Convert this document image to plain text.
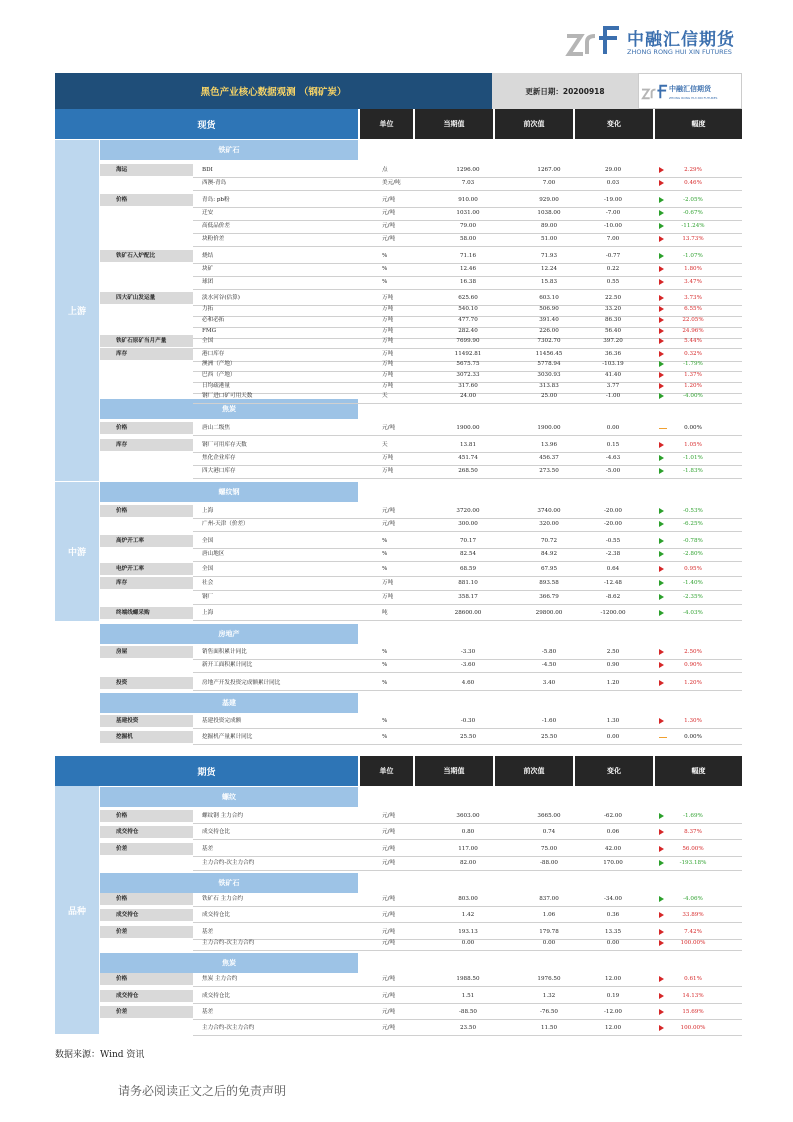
中融汇信期货
ZHONG RONG HUI XIN FUTURES
黑色产业核心数据观测 （钢矿炭）	更新日期：20200918	中融汇信期货
ZHONG RONG HUI XIN FUTURES
现货	单位	当期值	前次值	变化	幅度
期货	单位	当期值	前次值	变化	幅度
上游
中游
品种
铁矿石
焦炭
螺纹钢
房地产
基建
螺纹
铁矿石
焦炭
海运	BDI	点	1296.00	1267.00	29.00	2.29%
西澳-青岛	美元/吨	7.03	7.00	0.03	0.46%
价格	青岛: pb粉	元/吨	910.00	929.00	-19.00	-2.05%
迁安	元/吨	1031.00	1038.00	-7.00	-0.67%
高低品价差	元/吨	79.00	89.00	-10.00	-11.24%
块粉价差	元/吨	58.00	51.00	7.00	13.73%
铁矿石入炉配比	烧结	%	71.16	71.93	-0.77	-1.07%
块矿	%	12.46	12.24	0.22	1.80%
球团	%	16.38	15.83	0.55	3.47%
四大矿山发运量	淡水河谷(估算)	万吨	625.60	603.10	22.50	3.73%
力拓	万吨	540.10	506.90	33.20	6.55%
必和必拓	万吨	477.70	391.40	86.30	22.05%
FMG	万吨	282.40	226.00	56.40	24.96%
铁矿石原矿当月产量	全国	万吨	7699.90	7302.70	397.20	5.44%
库存	港口库存	万吨	11492.81	11456.45	36.36	0.32%
澳洲（产地）	万吨	5675.75	5778.94	-103.19	-1.79%
巴西（产地）	万吨	3072.33	3030.93	41.40	1.37%
日均疏港量	万吨	317.60	313.83	3.77	1.20%
钢厂进口矿可用天数	天	24.00	25.00	-1.00	-4.00%
价格	唐山二级焦	元/吨	1900.00	1900.00	0.00	0.00%
库存	钢厂可用库存天数	天	13.81	13.96	0.15	1.05%
焦化企业库存	万吨	451.74	456.37	-4.63	-1.01%
四大港口库存	万吨	268.50	273.50	-5.00	-1.83%
价格	上海	元/吨	3720.00	3740.00	-20.00	-0.53%
广州-天津（价差）	元/吨	300.00	320.00	-20.00	-6.25%
高炉开工率	全国	%	70.17	70.72	-0.55	-0.78%
唐山地区	%	82.54	84.92	-2.38	-2.80%
电炉开工率	全国	%	68.59	67.95	0.64	0.95%
库存	社会	万吨	881.10	893.58	-12.48	-1.40%
钢厂	万吨	358.17	366.79	-8.62	-2.35%
终端线螺采购	上海	吨	28600.00	29800.00	-1200.00	-4.03%
房屋	销售面积累计同比	%	-3.30	-5.80	2.50	2.50%
新开工面积累计同比	%	-3.60	-4.50	0.90	0.90%
投资	房地产开发投资完成额累计同比	%	4.60	3.40	1.20	1.20%
基建投资	基建投资完成额	%	-0.30	-1.60	1.30	1.30%
挖掘机	挖掘机产量累计同比	%	25.50	25.50	0.00	0.00%
价格	螺纹钢 主力合约	元/吨	3603.00	3665.00	-62.00	-1.69%
成交持仓	成交持仓比	元/吨	0.80	0.74	0.06	8.37%
价差	基差	元/吨	117.00	75.00	42.00	56.00%
主力合约-次主力合约	元/吨	82.00	-88.00	170.00	-193.18%
价格	铁矿石 主力合约	元/吨	803.00	837.00	-34.00	-4.06%
成交持仓	成交持仓比	元/吨	1.42	1.06	0.36	33.89%
价差	基差	元/吨	193.13	179.78	13.35	7.42%
主力合约-次主力合约	元/吨	0.00	0.00	0.00	100.00%
价格	焦炭 主力合约	元/吨	1988.50	1976.50	12.00	0.61%
成交持仓	成交持仓比	元/吨	1.51	1.32	0.19	14.13%
价差	基差	元/吨	-88.50	-76.50	-12.00	15.69%
主力合约-次主力合约	元/吨	23.50	11.50	12.00	100.00%
数据来源：Wind 资讯
请务必阅读正文之后的免责声明
